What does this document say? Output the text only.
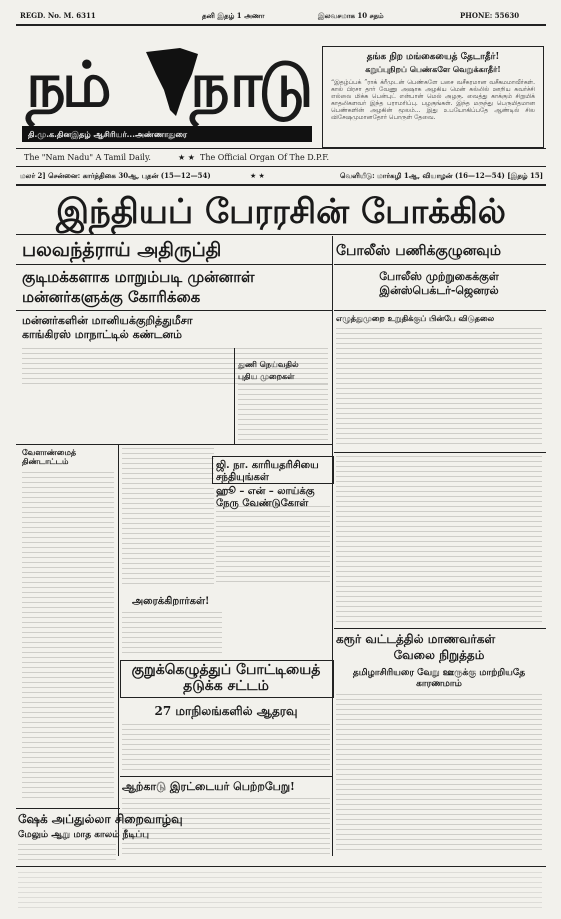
REGD. No. M. 6311	தனி இதழ் 1 அணா	இலவசமாக 10 சதம்	PHONE: 55630
நம் நாடு
தி.மு.க.தினஇதழ் ஆசிரியர்...அண்ணாதுரை
தங்க நிற மங்கையைத் தேடாதீர்!
கறுப்புநிறப் பெண்களே வெறுக்காதீர்!
“இதழ்ப்பக் ”ராக் க்ரீமுடன் பெண்களே பசை வசீகரமான வசீகமமாவீர்கள். கால் பிரசா தார் வேணு அஷாக அழகிய மென் கல்லில் ஊறிய கவர்ச்சி எல்லை மிக்க பென்புட் என்பான் மெல் அழகு. வைத்து காக்கும் சிறுமிக் காதலிகளவர் இந்த பராமரிப்பு. பழகுங்கள். இந்த மருந்து பெருமிதமான பெண்களின் அழகின் மூலம்... இது உபயோகிப்பதே ஆண்டில் சில விசேஷமுமானதோர் பொருள் தேவை.
The "Nam Nadu" A Tamil Daily.	★ ★ The Official Organ Of The D.P.F.
மலர் 2] சென்னை: கார்த்திகை 30ஆ, புதன் (15—12—54)	★ ★	வெளியீடு: மார்கழி 1ஆ, வியாழன் (16—12—54) [இதழ் 15]
இந்தியப் பேரரசின் போக்கில்
பலவந்த்ராய் அதிருப்தி
குடிமக்களாக மாறும்படி முன்னாள்
மன்னர்களுக்கு கோரிக்கை
மன்னர்களின் மானியக்குறித்துமீசா
காங்கிரஸ் மாநாட்டில் கண்டனம்
போலீஸ் பணிக்குழுனவும்
போலீஸ் முற்றுகைக்குள்
இன்ஸ்பெக்டர்-ஜெனரல்
எழுத்துமுறை உறுதிக்குப் பின்பே விடுதலை
துணி நெய்வதில்
புதிய முறைகள்
வேளாண்மைத் திண்டாட்டம்	ஜி. நா. காரியதரிசியை சந்தியுங்கள்
ஹூ – என் – லாய்க்கு நேரு வேண்டுகோள்
அரைக்கிறார்கள்!
குறுக்கெழுத்துப் போட்டியைத்
தடுக்க சட்டம்
27 மாநிலங்களில் ஆதரவு
ஆற்காடு இரட்டையர் பெற்றபேறு!
கரூர் வட்டத்தில் மாணவர்கள்
வேலை நிறுத்தம்
தமிழாசிரியரை வேறு ஊருக்கு மாற்றியதே காரணமாம்
ஷேக் அப்துல்லா சிறைவாழ்வு
மேலும் ஆறு மாத காலம் நீடிப்பு
